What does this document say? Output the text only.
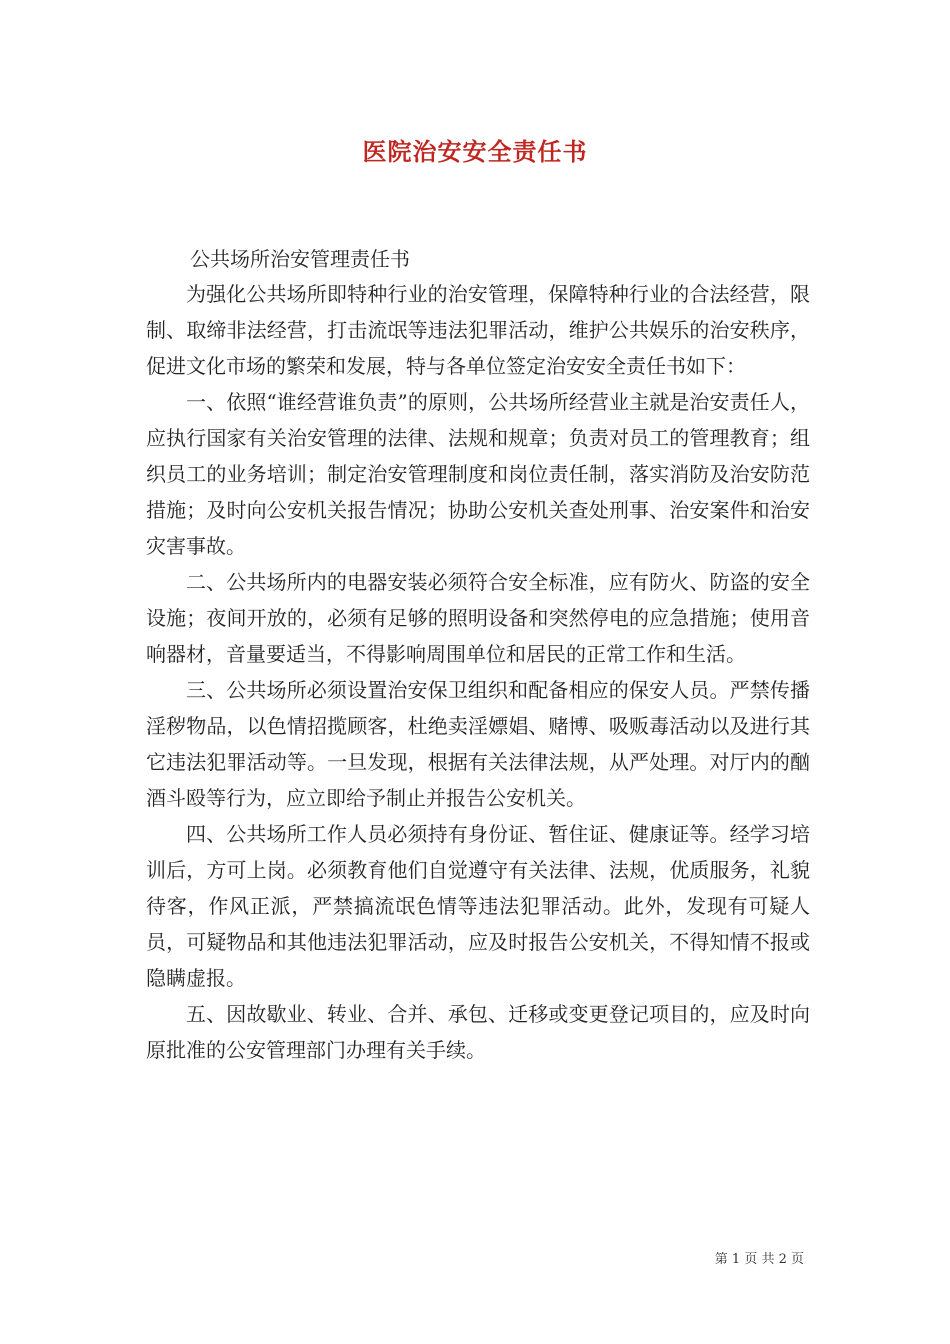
医院治安安全责任书
公共场所治安管理责任书

为强化公共场所即特种行业的治安管理，保障特种行业的合法经营，限制、取缔非法经营，打击流氓等违法犯罪活动，维护公共娱乐的治安秩序，促进文化市场的繁荣和发展，特与各单位签定治安安全责任书如下：

一、依照“谁经营谁负责”的原则，公共场所经营业主就是治安责任人，应执行国家有关治安管理的法律、法规和规章；负责对员工的管理教育；组织员工的业务培训；制定治安管理制度和岗位责任制，落实消防及治安防范措施；及时向公安机关报告情况；协助公安机关查处刑事、治安案件和治安灾害事故。

二、公共场所内的电器安装必须符合安全标准，应有防火、防盗的安全设施；夜间开放的，必须有足够的照明设备和突然停电的应急措施；使用音响器材，音量要适当，不得影响周围单位和居民的正常工作和生活。

三、公共场所必须设置治安保卫组织和配备相应的保安人员。严禁传播淫秽物品，以色情招揽顾客，杜绝卖淫嫖娼、赌博、吸贩毒活动以及进行其它违法犯罪活动等。一旦发现，根据有关法律法规，从严处理。对厅内的酗酒斗殴等行为，应立即给予制止并报告公安机关。

四、公共场所工作人员必须持有身份证、暂住证、健康证等。经学习培训后，方可上岗。必须教育他们自觉遵守有关法律、法规，优质服务，礼貌待客，作风正派，严禁搞流氓色情等违法犯罪活动。此外，发现有可疑人员，可疑物品和其他违法犯罪活动，应及时报告公安机关，不得知情不报或隐瞒虚报。

五、因故歇业、转业、合并、承包、迁移或变更登记项目的，应及时向原批准的公安管理部门办理有关手续。

第 1 页 共 2 页
